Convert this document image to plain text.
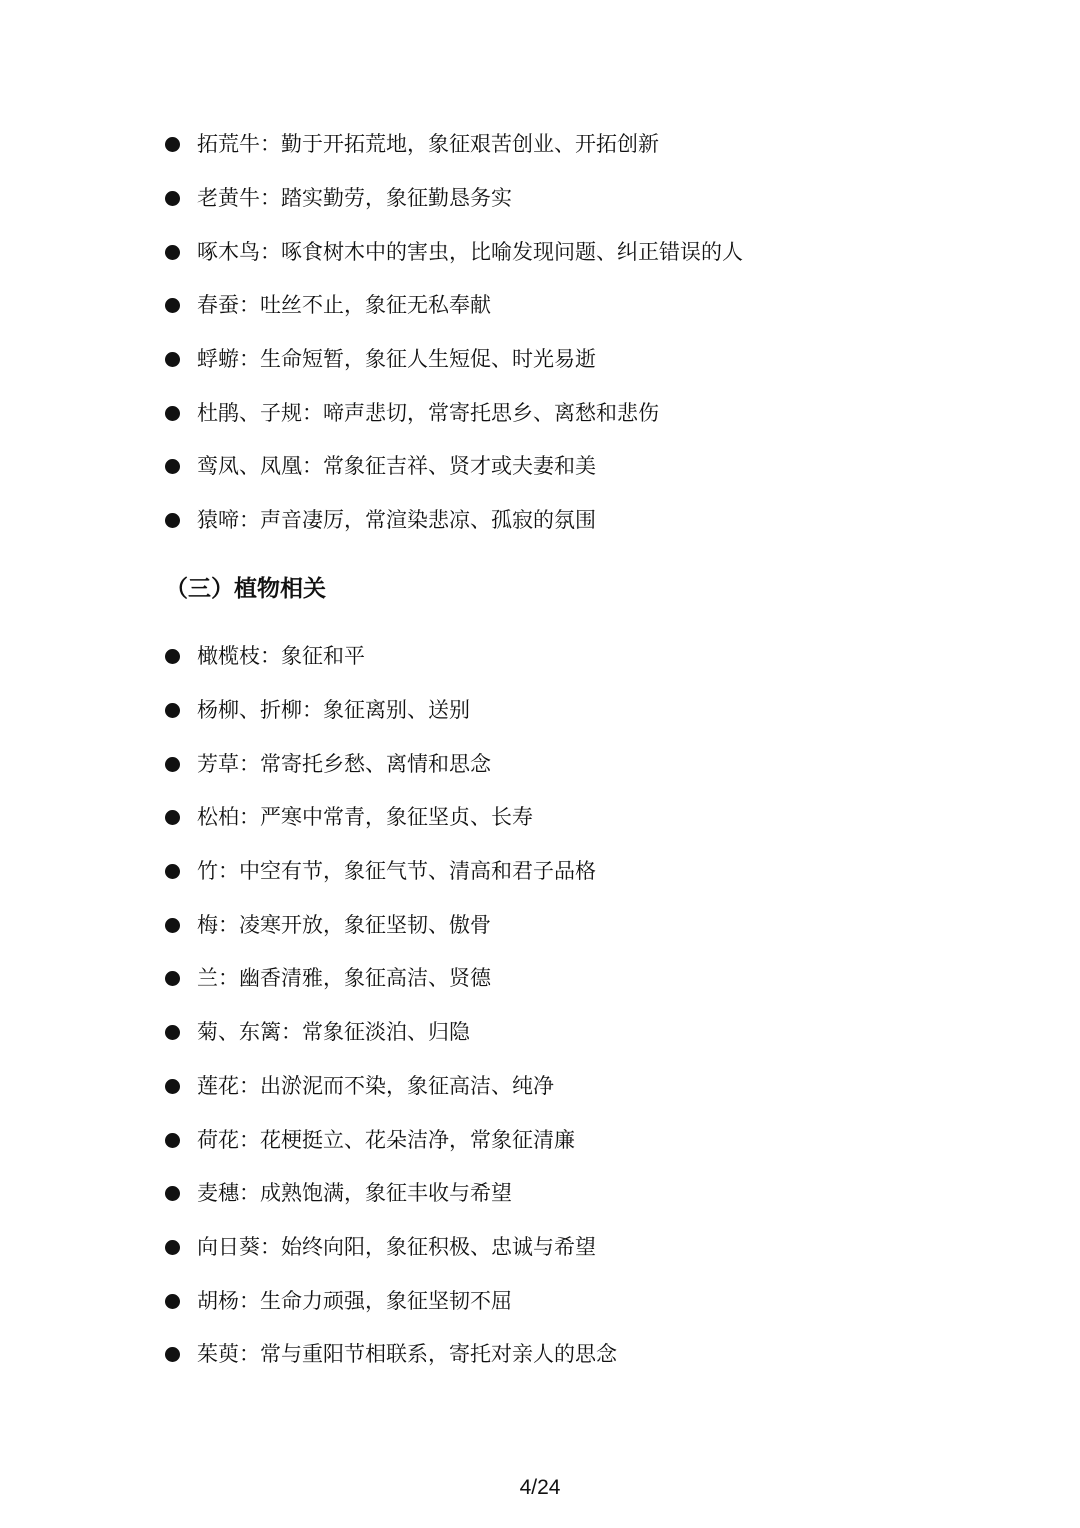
拓荒牛：勤于开拓荒地，象征艰苦创业、开拓创新
老黄牛：踏实勤劳，象征勤恳务实
啄木鸟：啄食树木中的害虫，比喻发现问题、纠正错误的人
春蚕：吐丝不止，象征无私奉献
蜉蝣：生命短暂，象征人生短促、时光易逝
杜鹃、子规：啼声悲切，常寄托思乡、离愁和悲伤
鸾凤、凤凰：常象征吉祥、贤才或夫妻和美
猿啼：声音凄厉，常渲染悲凉、孤寂的氛围
（三）植物相关
橄榄枝：象征和平
杨柳、折柳：象征离别、送别
芳草：常寄托乡愁、离情和思念
松柏：严寒中常青，象征坚贞、长寿
竹：中空有节，象征气节、清高和君子品格
梅：凌寒开放，象征坚韧、傲骨
兰：幽香清雅，象征高洁、贤德
菊、东篱：常象征淡泊、归隐
莲花：出淤泥而不染，象征高洁、纯净
荷花：花梗挺立、花朵洁净，常象征清廉
麦穗：成熟饱满，象征丰收与希望
向日葵：始终向阳，象征积极、忠诚与希望
胡杨：生命力顽强，象征坚韧不屈
茱萸：常与重阳节相联系，寄托对亲人的思念
4/24
